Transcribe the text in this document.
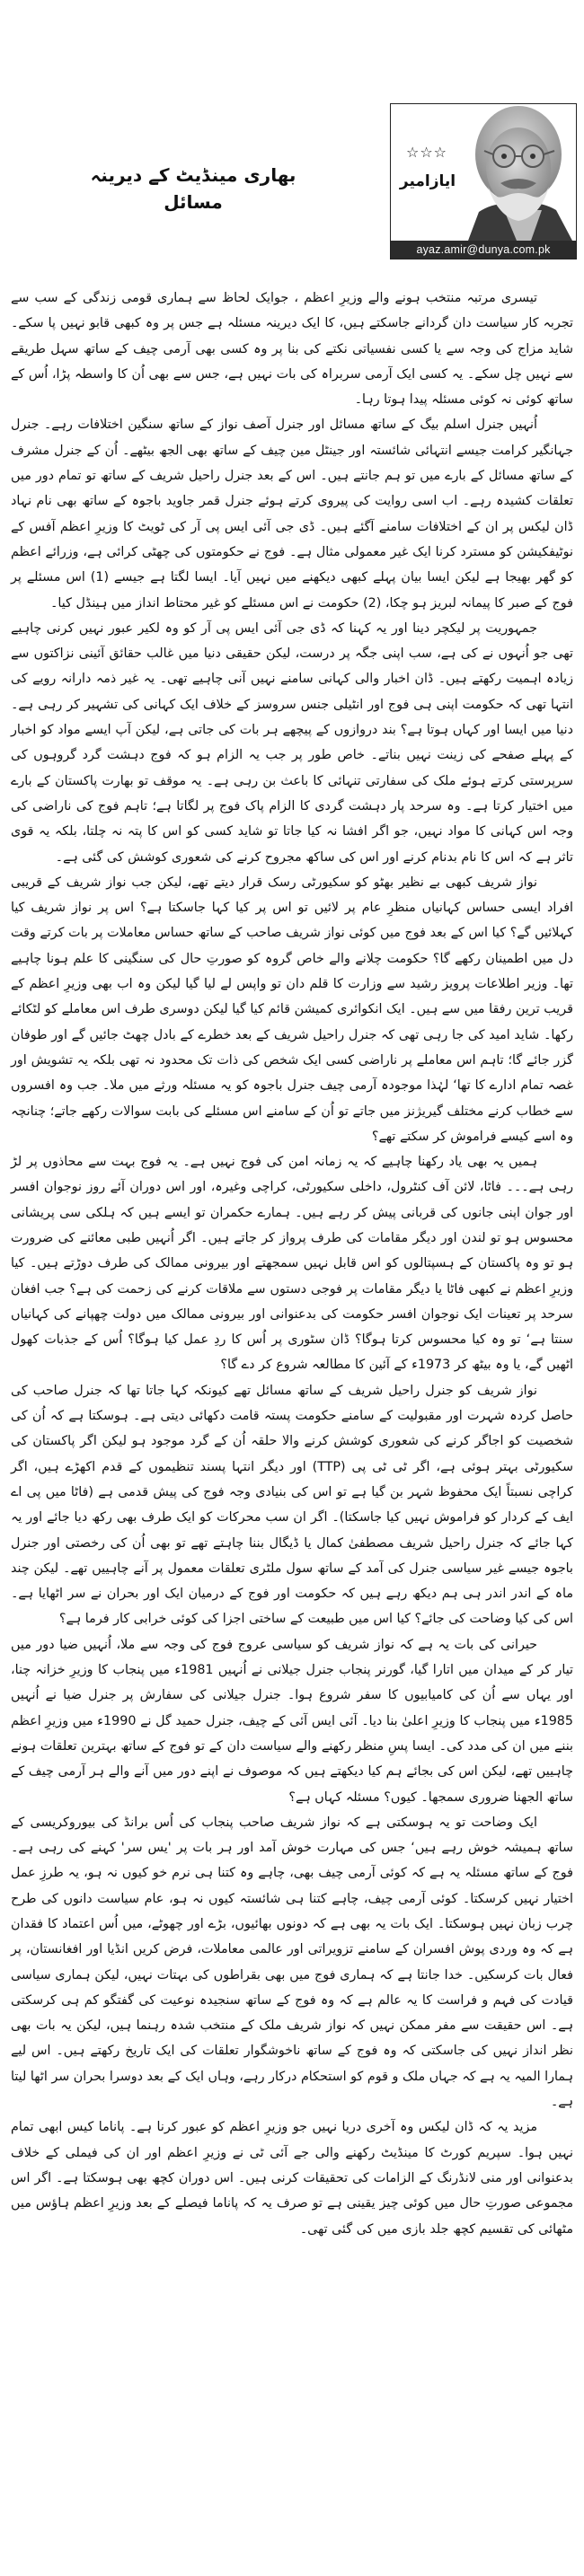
بھاری مینڈیٹ کے دیرینہ مسائل
☆☆☆
ایازامیر
ayaz.amir@dunya.com.pk

تیسری مرتبہ منتخب ہونے والے وزیرِ اعظم ، جوایک لحاظ سے ہماری قومی زندگی کے سب سے تجربہ کار سیاست دان گردانے جاسکتے ہیں، کا ایک دیرینہ مسئلہ ہے جس پر وہ کبھی قابو نہیں پا سکے۔ شاید مزاج کی وجہ سے یا کسی نفسیاتی نکتے کی بنا پر وہ کسی بھی آرمی چیف کے ساتھ سہل طریقے سے نہیں چل سکے۔ یہ کسی ایک آرمی سربراہ کی بات نہیں ہے، جس سے بھی اُن کا واسطہ پڑا، اُس کے ساتھ کوئی نہ کوئی مسئلہ پیدا ہوتا رہا۔

اُنہیں جنرل اسلم بیگ کے ساتھ مسائل اور جنرل آصف نواز کے ساتھ سنگین اختلافات رہے۔ جنرل جہانگیر کرامت جیسے انتہائی شائستہ اور جینٹل مین چیف کے ساتھ بھی الجھ بیٹھے۔ اُن کے جنرل مشرف کے ساتھ مسائل کے بارے میں تو ہم جانتے ہیں۔ اس کے بعد جنرل راحیل شریف کے ساتھ تو تمام دور میں تعلقات کشیدہ رہے۔ اب اسی روایت کی پیروی کرتے ہوئے جنرل قمر جاوید باجوہ کے ساتھ بھی نام نہاد ڈان لیکس پر ان کے اختلافات سامنے آگئے ہیں۔ ڈی جی آئی ایس پی آر کی ٹویٹ کا وزیرِ اعظم آفس کے نوٹیفکیشن کو مسترد کرنا ایک غیر معمولی مثال ہے۔ فوج نے حکومتوں کی چھٹی کرائی ہے، وزرائے اعظم کو گھر بھیجا ہے لیکن ایسا بیان پہلے کبھی دیکھنے میں نہیں آیا۔ ایسا لگتا ہے جیسے (1) اس مسئلے پر فوج کے صبر کا پیمانہ لبریز ہو چکا، (2) حکومت نے اس مسئلے کو غیر محتاط انداز میں ہینڈل کیا۔

جمہوریت پر لیکچر دینا اور یہ کہنا کہ ڈی جی آئی ایس پی آر کو وہ لکیر عبور نہیں کرنی چاہیے تھی جو اُنہوں نے کی ہے، سب اپنی جگہ پر درست، لیکن حقیقی دنیا میں غالب حقائق آئینی نزاکتوں سے زیادہ اہمیت رکھتے ہیں۔ ڈان اخبار والی کہانی سامنے نہیں آنی چاہیے تھی۔ یہ غیر ذمہ دارانہ رویے کی انتہا تھی کہ حکومت اپنی ہی فوج اور انٹیلی جنس سروسز کے خلاف ایک کہانی کی تشہیر کر رہی ہے۔ دنیا میں ایسا اور کہاں ہوتا ہے؟ بند دروازوں کے پیچھے ہر بات کی جاتی ہے، لیکن آپ ایسے مواد کو اخبار کے پہلے صفحے کی زینت نہیں بناتے۔ خاص طور پر جب یہ الزام ہو کہ فوج دہشت گرد گروہوں کی سرپرستی کرتے ہوئے ملک کی سفارتی تنہائی کا باعث بن رہی ہے۔ یہ موقف تو بھارت پاکستان کے بارے میں اختیار کرتا ہے۔ وہ سرحد پار دہشت گردی کا الزام پاک فوج پر لگاتا ہے؛ تاہم فوج کی ناراضی کی وجہ اس کہانی کا مواد نہیں، جو اگر افشا نہ کیا جاتا تو شاید کسی کو اس کا پتہ نہ چلتا، بلکہ یہ قوی تاثر ہے کہ اس کا نام بدنام کرنے اور اس کی ساکھ مجروح کرنے کی شعوری کوشش کی گئی ہے۔

نواز شریف کبھی بے نظیر بھٹو کو سکیورٹی رسک قرار دیتے تھے، لیکن جب نواز شریف کے قریبی افراد ایسی حساس کہانیاں منظرِ عام پر لائیں تو اس پر کیا کہا جاسکتا ہے؟ اس پر نواز شریف کیا کہلائیں گے؟ کیا اس کے بعد فوج میں کوئی نواز شریف صاحب کے ساتھ حساس معاملات پر بات کرتے وقت دل میں اطمینان رکھے گا؟ حکومت چلانے والے خاص گروہ کو صورتِ حال کی سنگینی کا علم ہونا چاہیے تھا۔ وزیر اطلاعات پرویز رشید سے وزارت کا قلم دان تو واپس لے لیا گیا لیکن وہ اب بھی وزیرِ اعظم کے قریب ترین رفقا میں سے ہیں۔ ایک انکوائری کمیشن قائم کیا گیا لیکن دوسری طرف اس معاملے کو لٹکائے رکھا۔ شاید امید کی جا رہی تھی کہ جنرل راحیل شریف کے بعد خطرے کے بادل چھٹ جائیں گے اور طوفان گزر جائے گا؛ تاہم اس معاملے پر ناراضی کسی ایک شخص کی ذات تک محدود نہ تھی بلکہ یہ تشویش اور غصہ تمام ادارے کا تھا‘ لہٰذا موجودہ آرمی چیف جنرل باجوہ کو یہ مسئلہ ورثے میں ملا۔ جب وہ افسروں سے خطاب کرنے مختلف گیریژنز میں جاتے تو اُن کے سامنے اس مسئلے کی بابت سوالات رکھے جاتے؛ چنانچہ وہ اسے کیسے فراموش کر سکتے تھے؟

ہمیں یہ بھی یاد رکھنا چاہیے کہ یہ زمانہ امن کی فوج نہیں ہے۔ یہ فوج بہت سے محاذوں پر لڑ رہی ہے۔۔۔ فاٹا، لائن آف کنٹرول، داخلی سکیورٹی، کراچی وغیرہ، اور اس دوران آئے روز نوجوان افسر اور جوان اپنی جانوں کی قربانی پیش کر رہے ہیں۔ ہمارے حکمران تو ایسے ہیں کہ ہلکی سی پریشانی محسوس ہو تو لندن اور دیگر مقامات کی طرف پرواز کر جاتے ہیں۔ اگر اُنہیں طبی معائنے کی ضرورت ہو تو وہ پاکستان کے ہسپتالوں کو اس قابل نہیں سمجھتے اور بیرونی ممالک کی طرف دوڑتے ہیں۔ کیا وزیرِ اعظم نے کبھی فاٹا یا دیگر مقامات پر فوجی دستوں سے ملاقات کرنے کی زحمت کی ہے؟ جب افغان سرحد پر تعینات ایک نوجوان افسر حکومت کی بدعنوانی اور بیرونی ممالک میں دولت چھپانے کی کہانیاں سنتا ہے‘ تو وہ کیا محسوس کرتا ہوگا؟ ڈان سٹوری پر اُس کا ردِ عمل کیا ہوگا؟ اُس کے جذبات کھول اٹھیں گے، یا وہ بیٹھ کر 1973ء کے آئین کا مطالعہ شروع کر دے گا؟

نواز شریف کو جنرل راحیل شریف کے ساتھ مسائل تھے کیونکہ کہا جاتا تھا کہ جنرل صاحب کی حاصل کردہ شہرت اور مقبولیت کے سامنے حکومت پستہ قامت دکھائی دیتی ہے۔ ہوسکتا ہے کہ اُن کی شخصیت کو اجاگر کرنے کی شعوری کوشش کرنے والا حلقہ اُن کے گرد موجود ہو لیکن اگر پاکستان کی سکیورٹی بہتر ہوئی ہے، اگر ٹی ٹی پی (TTP) اور دیگر انتہا پسند تنظیموں کے قدم اکھڑے ہیں، اگر کراچی نسبتاً ایک محفوظ شہر بن گیا ہے تو اس کی بنیادی وجہ فوج کی پیش قدمی ہے (فاٹا میں پی اے ایف کے کردار کو فراموش نہیں کیا جاسکتا)۔ اگر ان سب محرکات کو ایک طرف بھی رکھ دیا جائے اور یہ کہا جائے کہ جنرل راحیل شریف مصطفیٰ کمال یا ڈیگال بننا چاہتے تھے تو بھی اُن کی رخصتی اور جنرل باجوہ جیسے غیر سیاسی جنرل کی آمد کے ساتھ سول ملٹری تعلقات معمول پر آنے چاہییں تھے۔ لیکن چند ماہ کے اندر اندر ہی ہم دیکھ رہے ہیں کہ حکومت اور فوج کے درمیان ایک اور بحران نے سر اٹھایا ہے۔ اس کی کیا وضاحت کی جائے؟ کیا اس میں طبیعت کے ساختی اجزا کی کوئی خرابی کار فرما ہے؟

حیرانی کی بات یہ ہے کہ نواز شریف کو سیاسی عروج فوج کی وجہ سے ملا، اُنہیں ضیا دور میں تیار کر کے میدان میں اتارا گیا، گورنر پنجاب جنرل جیلانی نے اُنہیں 1981ء میں پنجاب کا وزیرِ خزانہ چنا، اور یہاں سے اُن کی کامیابیوں کا سفر شروع ہوا۔ جنرل جیلانی کی سفارش پر جنرل ضیا نے اُنہیں 1985ء میں پنجاب کا وزیرِ اعلیٰ بنا دیا۔ آئی ایس آئی کے چیف، جنرل حمید گل نے 1990ء میں وزیرِ اعظم بننے میں ان کی مدد کی۔ ایسا پسِ منظر رکھنے والے سیاست دان کے تو فوج کے ساتھ بہترین تعلقات ہونے چاہییں تھے، لیکن اس کی بجائے ہم کیا دیکھتے ہیں کہ موصوف نے اپنے دور میں آنے والے ہر آرمی چیف کے ساتھ الجھنا ضروری سمجھا۔ کیوں؟ مسئلہ کہاں ہے؟

ایک وضاحت تو یہ ہوسکتی ہے کہ نواز شریف صاحب پنجاب کی اُس برانڈ کی بیوروکریسی کے ساتھ ہمیشہ خوش رہے ہیں‘ جس کی مہارت خوش آمد اور ہر بات پر 'یس سر' کہنے کی رہی ہے۔ فوج کے ساتھ مسئلہ یہ ہے کہ کوئی آرمی چیف بھی، چاہے وہ کتنا ہی نرم خو کیوں نہ ہو، یہ طرزِ عمل اختیار نہیں کرسکتا۔ کوئی آرمی چیف، چاہے کتنا ہی شائستہ کیوں نہ ہو، عام سیاست دانوں کی طرح چرب زبان نہیں ہوسکتا۔ ایک بات یہ بھی ہے کہ دونوں بھائیوں، بڑے اور چھوٹے، میں اُس اعتماد کا فقدان ہے کہ وہ وردی پوش افسران کے سامنے تزویراتی اور عالمی معاملات، فرض کریں انڈیا اور افغانستان، پر فعال بات کرسکیں۔ خدا جانتا ہے کہ ہماری فوج میں بھی بقراطوں کی بہتات نہیں، لیکن ہماری سیاسی قیادت کی فہم و فراست کا یہ عالم ہے کہ وہ فوج کے ساتھ سنجیدہ نوعیت کی گفتگو کم ہی کرسکتی ہے۔ اس حقیقت سے مفر ممکن نہیں کہ نواز شریف ملک کے منتخب شدہ رہنما ہیں، لیکن یہ بات بھی نظر انداز نہیں کی جاسکتی کہ وہ فوج کے ساتھ ناخوشگوار تعلقات کی ایک تاریخ رکھتے ہیں۔ اس لیے ہمارا المیہ یہ ہے کہ جہاں ملک و قوم کو استحکام درکار رہے، وہاں ایک کے بعد دوسرا بحران سر اٹھا لیتا ہے۔

مزید یہ کہ ڈان لیکس وہ آخری دریا نہیں جو وزیرِ اعظم کو عبور کرنا ہے۔ پاناما کیس ابھی تمام نہیں ہوا۔ سپریم کورٹ کا مینڈیٹ رکھنے والی جے آئی ٹی نے وزیرِ اعظم اور ان کی فیملی کے خلاف بدعنوانی اور منی لانڈرنگ کے الزامات کی تحقیقات کرنی ہیں۔ اس دوران کچھ بھی ہوسکتا ہے۔ اگر اس مجموعی صورتِ حال میں کوئی چیز یقینی ہے تو صرف یہ کہ پاناما فیصلے کے بعد وزیرِ اعظم ہاؤس میں مٹھائی کی تقسیم کچھ جلد بازی میں کی گئی تھی۔
